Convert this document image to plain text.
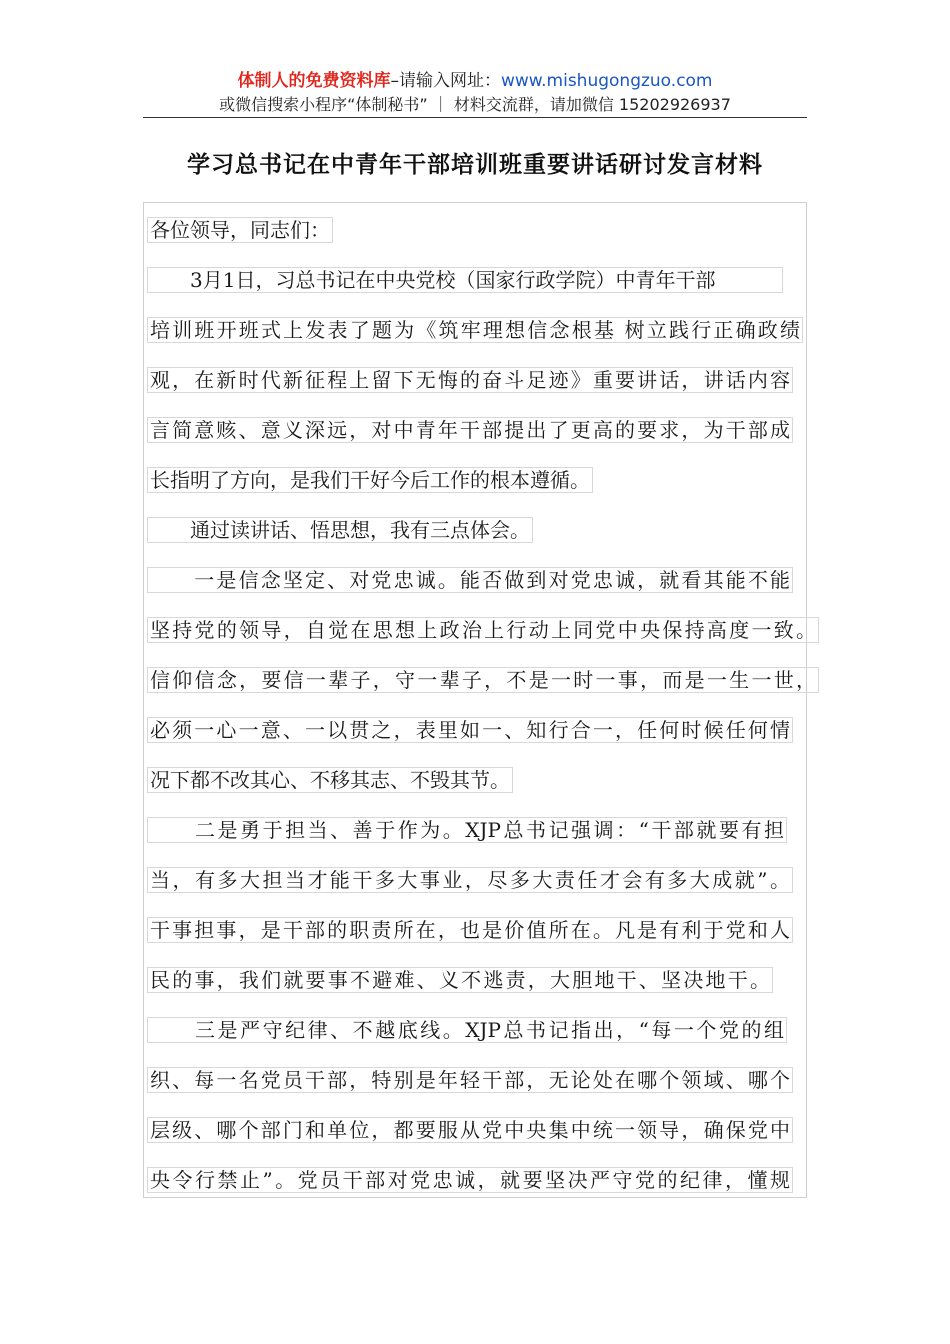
体制人的免费资料库–请输入网址：www.mishugongzuo.com
或微信搜索小程序“体制秘书” ｜ 材料交流群，请加微信 15202926937
学习总书记在中青年干部培训班重要讲话研讨发言材料
各位领导，同志们：
　　3月1日，习总书记在中央党校（国家行政学院）中青年干部
培训班开班式上发表了题为《筑牢理想信念根基 树立践行正确政绩
观，在新时代新征程上留下无悔的奋斗足迹》重要讲话，讲话内容
言简意赅、意义深远，对中青年干部提出了更高的要求，为干部成
长指明了方向，是我们干好今后工作的根本遵循。
　　通过读讲话、悟思想，我有三点体会。
　　一是信念坚定、对党忠诚。能否做到对党忠诚，就看其能不能
坚持党的领导，自觉在思想上政治上行动上同党中央保持高度一致。
信仰信念，要信一辈子，守一辈子，不是一时一事，而是一生一世，
必须一心一意、一以贯之，表里如一、知行合一，任何时候任何情
况下都不改其心、不移其志、不毁其节。
　　二是勇于担当、善于作为。XJP总书记强调：“干部就要有担
当，有多大担当才能干多大事业，尽多大责任才会有多大成就”。
干事担事，是干部的职责所在，也是价值所在。凡是有利于党和人
民的事，我们就要事不避难、义不逃责，大胆地干、坚决地干。
　　三是严守纪律、不越底线。XJP总书记指出，“每一个党的组
织、每一名党员干部，特别是年轻干部，无论处在哪个领域、哪个
层级、哪个部门和单位，都要服从党中央集中统一领导，确保党中
央令行禁止”。党员干部对党忠诚，就要坚决严守党的纪律，懂规
